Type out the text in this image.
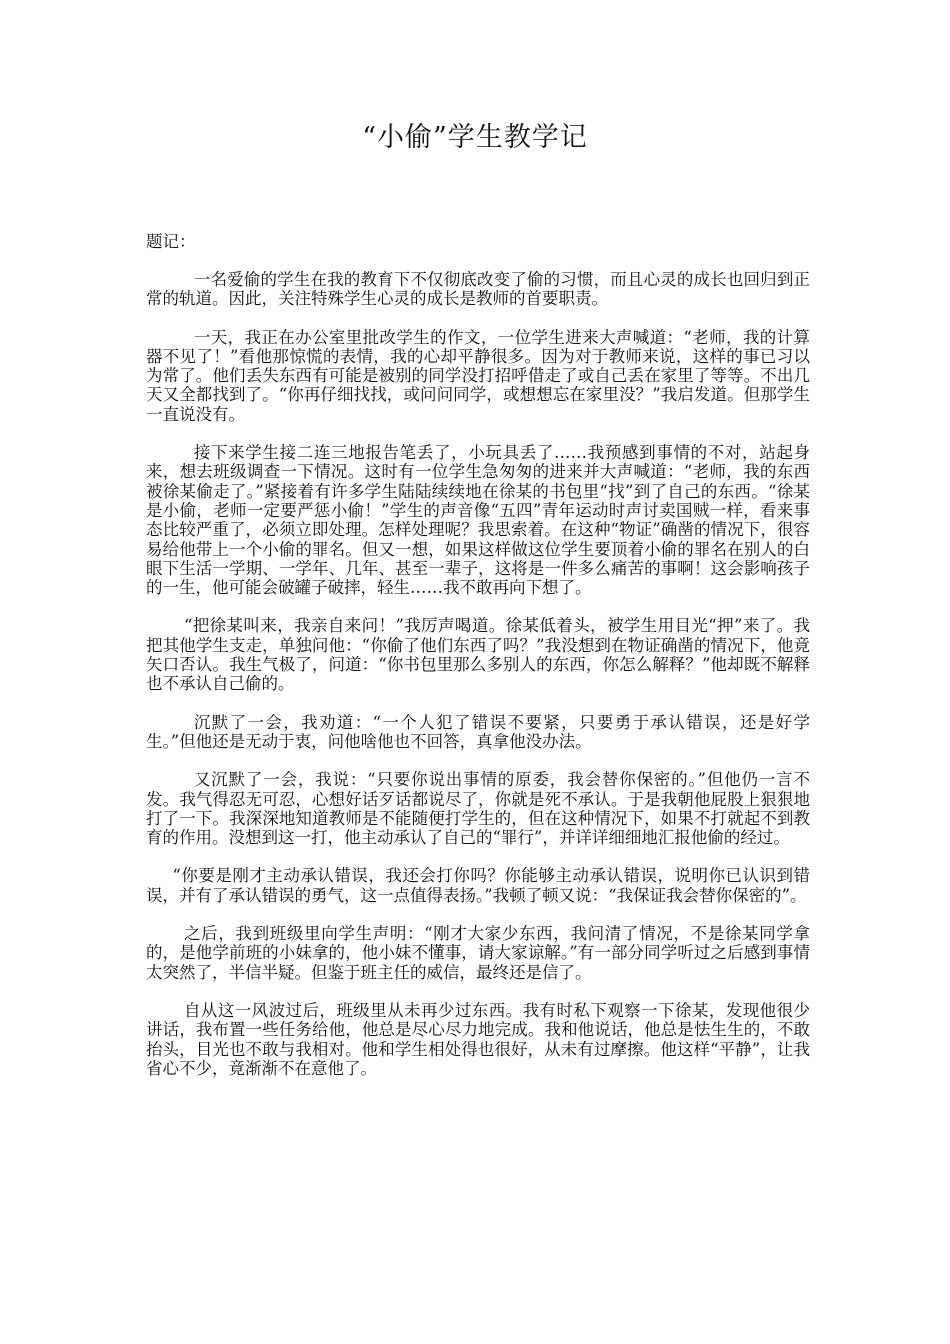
“小偷”学生教学记
题记：

一名爱偷的学生在我的教育下不仅彻底改变了偷的习惯，而且心灵的成长也回归到正常的轨道。因此，关注特殊学生心灵的成长是教师的首要职责。

一天，我正在办公室里批改学生的作文，一位学生进来大声喊道：“老师，我的计算器不见了！”看他那惊慌的表情，我的心却平静很多。因为对于教师来说，这样的事已习以为常了。他们丢失东西有可能是被别的同学没打招呼借走了或自己丢在家里了等等。不出几天又全都找到了。“你再仔细找找，或问问同学，或想想忘在家里没？”我启发道。但那学生一直说没有。

接下来学生接二连三地报告笔丢了，小玩具丢了……我预感到事情的不对，站起身来，想去班级调查一下情况。这时有一位学生急匆匆的进来并大声喊道：“老师，我的东西被徐某偷走了。”紧接着有许多学生陆陆续续地在徐某的书包里“找”到了自己的东西。“徐某是小偷，老师一定要严惩小偷！”学生的声音像“五四”青年运动时声讨卖国贼一样，看来事态比较严重了，必须立即处理。怎样处理呢？我思索着。在这种“物证”确凿的情况下，很容易给他带上一个小偷的罪名。但又一想，如果这样做这位学生要顶着小偷的罪名在别人的白眼下生活一学期、一学年、几年、甚至一辈子，这将是一件多么痛苦的事啊！这会影响孩子的一生，他可能会破罐子破摔，轻生……我不敢再向下想了。

“把徐某叫来，我亲自来问！”我厉声喝道。徐某低着头，被学生用目光“押”来了。我把其他学生支走，单独问他：“你偷了他们东西了吗？”我没想到在物证确凿的情况下，他竟矢口否认。我生气极了，问道：“你书包里那么多别人的东西，你怎么解释？”他却既不解释也不承认自己偷的。

沉默了一会，我劝道：“一个人犯了错误不要紧，只要勇于承认错误，还是好学生。”但他还是无动于衷，问他啥他也不回答，真拿他没办法。

又沉默了一会，我说：“只要你说出事情的原委，我会替你保密的。”但他仍一言不发。我气得忍无可忍，心想好话歹话都说尽了，你就是死不承认。于是我朝他屁股上狠狠地打了一下。我深深地知道教师是不能随便打学生的，但在这种情况下，如果不打就起不到教育的作用。没想到这一打，他主动承认了自己的“罪行”，并详详细细地汇报他偷的经过。

“你要是刚才主动承认错误，我还会打你吗？你能够主动承认错误，说明你已认识到错误，并有了承认错误的勇气，这一点值得表扬。”我顿了顿又说：“我保证我会替你保密的”。

之后，我到班级里向学生声明：“刚才大家少东西，我问清了情况，不是徐某同学拿的，是他学前班的小妹拿的，他小妹不懂事，请大家谅解。”有一部分同学听过之后感到事情太突然了，半信半疑。但鉴于班主任的威信，最终还是信了。

自从这一风波过后，班级里从未再少过东西。我有时私下观察一下徐某，发现他很少讲话，我布置一些任务给他，他总是尽心尽力地完成。我和他说话，他总是怯生生的，不敢抬头，目光也不敢与我相对。他和学生相处得也很好，从未有过摩擦。他这样“平静”，让我省心不少，竟渐渐不在意他了。
